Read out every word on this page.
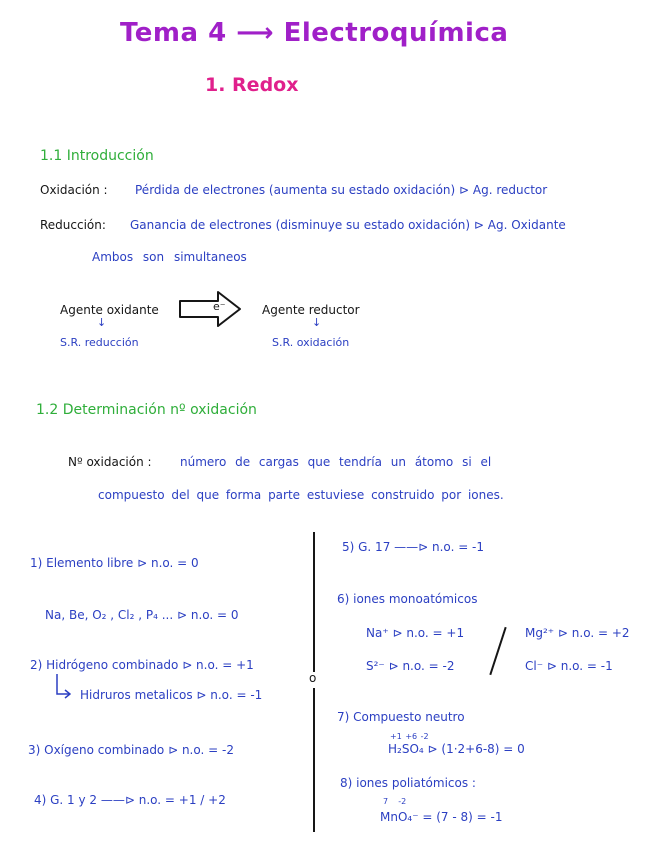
Tema 4 ⟶ Electroquímica
1. Redox
1.1 Introducción
Oxidación : Pérdida de electrones (aumenta su estado oxidación) ⊳ Ag. reductor
Reducción: Ganancia de electrones (disminuye su estado oxidación) ⊳ Ag. Oxidante
Ambos son simultaneos
Agente oxidante
↓
S.R. reducción
e⁻	Agente reductor
↓
S.R. oxidación
1.2 Determinación nº oxidación
Nº oxidación : número de cargas que tendría un átomo si el
compuesto del que forma parte estuviese construido por iones.
1) Elemento libre ⊳ n.o. = 0
Na, Be, O₂ , Cl₂ , P₄ ... ⊳ n.o. = 0
2) Hidrógeno combinado ⊳ n.o. = +1
Hidruros metalicos ⊳ n.o. = -1
3) Oxígeno combinado ⊳ n.o. = -2
4) G. 1 y 2 ——⊳ n.o. = +1 / +2
o
5) G. 17 ——⊳ n.o. = -1
6) iones monoatómicos
Na⁺ ⊳ n.o. = +1	Mg²⁺ ⊳ n.o. = +2
S²⁻ ⊳ n.o. = -2	Cl⁻ ⊳ n.o. = -1
7) Compuesto neutro
+1 +6 -2
H₂SO₄ ⊳ (1·2+6-8) = 0
8) iones poliatómicos :
7    -2
MnO₄⁻ = (7 - 8) = -1
